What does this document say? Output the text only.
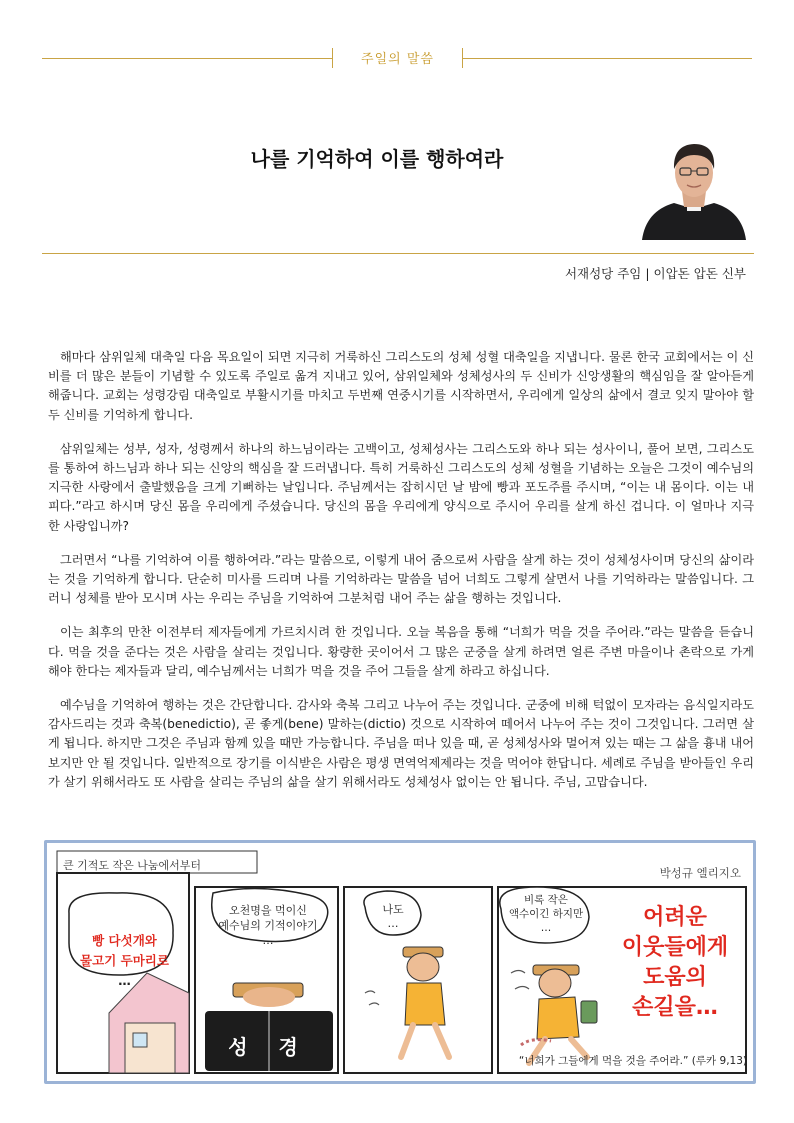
주일의 말씀
나를 기억하여 이를 행하여라
서재성당 주임 | 이압돈 압돈 신부

해마다 삼위일체 대축일 다음 목요일이 되면 지극히 거룩하신 그리스도의 성체 성혈 대축일을 지냅니다. 물론 한국 교회에서는 이 신비를 더 많은 분들이 기념할 수 있도록 주일로 옮겨 지내고 있어, 삼위일체와 성체성사의 두 신비가 신앙생활의 핵심임을 잘 알아듣게 해줍니다. 교회는 성령강림 대축일로 부활시기를 마치고 두번째 연중시기를 시작하면서, 우리에게 일상의 삶에서 결코 잊지 말아야 할 두 신비를 기억하게 합니다.

삼위일체는 성부, 성자, 성령께서 하나의 하느님이라는 고백이고, 성체성사는 그리스도와 하나 되는 성사이니, 풀어 보면, 그리스도를 통하여 하느님과 하나 되는 신앙의 핵심을 잘 드러냅니다. 특히 거룩하신 그리스도의 성체 성혈을 기념하는 오늘은 그것이 예수님의 지극한 사랑에서 출발했음을 크게 기뻐하는 날입니다. 주님께서는 잡히시던 날 밤에 빵과 포도주를 주시며, “이는 내 몸이다. 이는 내 피다.”라고 하시며 당신 몸을 우리에게 주셨습니다. 당신의 몸을 우리에게 양식으로 주시어 우리를 살게 하신 겁니다. 이 얼마나 지극한 사랑입니까?

그러면서 “나를 기억하여 이를 행하여라.”라는 말씀으로, 이렇게 내어 줌으로써 사람을 살게 하는 것이 성체성사이며 당신의 삶이라는 것을 기억하게 합니다. 단순히 미사를 드리며 나를 기억하라는 말씀을 넘어 너희도 그렇게 살면서 나를 기억하라는 말씀입니다. 그러니 성체를 받아 모시며 사는 우리는 주님을 기억하여 그분처럼 내어 주는 삶을 행하는 것입니다.

이는 최후의 만찬 이전부터 제자들에게 가르치시려 한 것입니다. 오늘 복음을 통해 “너희가 먹을 것을 주어라.”라는 말씀을 듣습니다. 먹을 것을 준다는 것은 사람을 살리는 것입니다. 황량한 곳이어서 그 많은 군중을 살게 하려면 얼른 주변 마을이나 촌락으로 가게 해야 한다는 제자들과 달리, 예수님께서는 너희가 먹을 것을 주어 그들을 살게 하라고 하십니다.

예수님을 기억하여 행하는 것은 간단합니다. 감사와 축복 그리고 나누어 주는 것입니다. 군중에 비해 턱없이 모자라는 음식일지라도 감사드리는 것과 축복(benedictio), 곧 좋게(bene) 말하는(dictio) 것으로 시작하여 떼어서 나누어 주는 것이 그것입니다. 그러면 살게 됩니다. 하지만 그것은 주님과 함께 있을 때만 가능합니다. 주님을 떠나 있을 때, 곧 성체성사와 멀어져 있는 때는 그 삶을 흉내 내어 보지만 안 될 것입니다. 일반적으로 장기를 이식받은 사람은 평생 면역억제제라는 것을 먹어야 한답니다. 세례로 주님을 받아들인 우리가 살기 위해서라도 또 사람을 살리는 주님의 삶을 살기 위해서라도 성체성사 없이는 안 됩니다. 주님, 고맙습니다.

큰 기적도 작은 나눔에서부터
박성규 엘리지오
빵 다섯개와
물고기 두마리로
…
오천명을 먹이신
예수님의 기적이야기
…
성 경
나도
…
비록 작은
액수이긴 하지만
…	어려운
이웃들에게
도움의
손길을…
“너희가 그들에게 먹을 것을 주어라.” (루카 9,13)
